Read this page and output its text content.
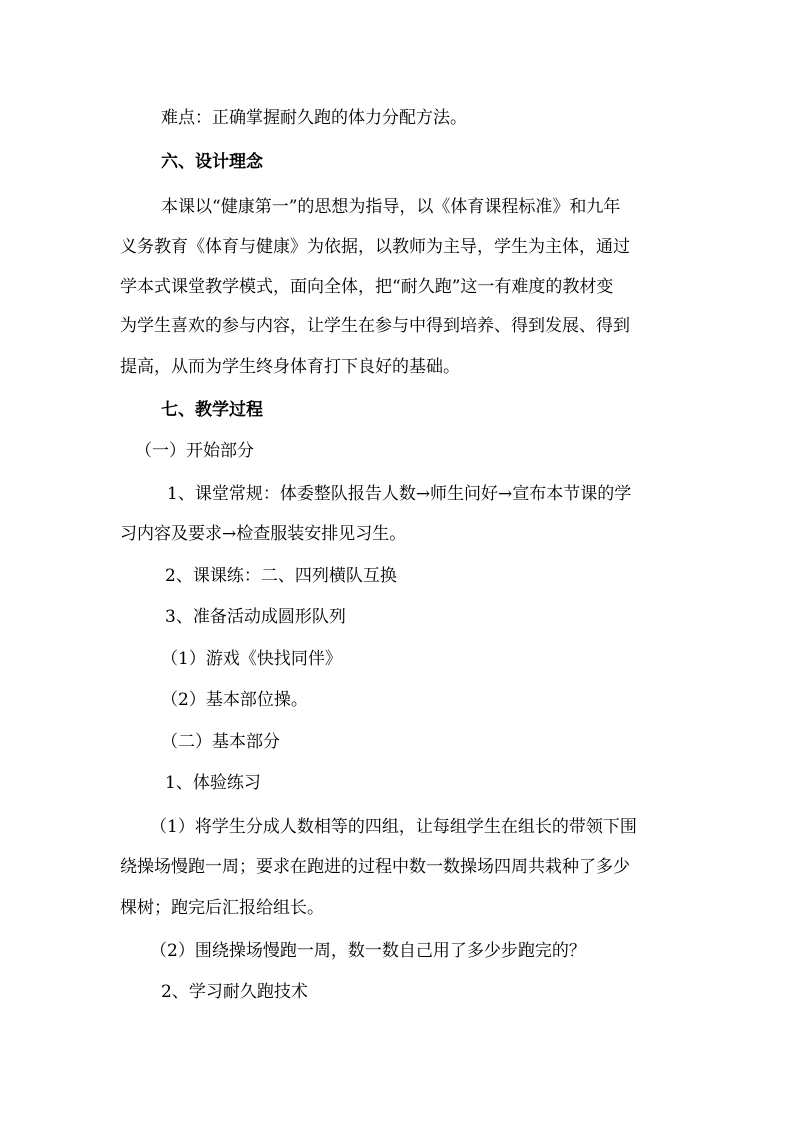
难点：正确掌握耐久跑的体力分配方法。

六、设计理念

本课以“健康第一”的思想为指导，以《体育课程标准》和九年

义务教育《体育与健康》为依据，以教师为主导，学生为主体，通过

学本式课堂教学模式，面向全体，把“耐久跑”这一有难度的教材变

为学生喜欢的参与内容，让学生在参与中得到培养、得到发展、得到

提高，从而为学生终身体育打下良好的基础。

七、教学过程

（一）开始部分

1、课堂常规：体委整队报告人数→师生问好→宣布本节课的学

习内容及要求→检查服装安排见习生。

2、课课练：二、四列横队互换

3、准备活动成圆形队列

（1）游戏《快找同伴》

（2）基本部位操。

（二）基本部分

1、体验练习

（1）将学生分成人数相等的四组，让每组学生在组长的带领下围

绕操场慢跑一周；要求在跑进的过程中数一数操场四周共栽种了多少

棵树；跑完后汇报给组长。

（2）围绕操场慢跑一周，数一数自己用了多少步跑完的？

2、学习耐久跑技术
